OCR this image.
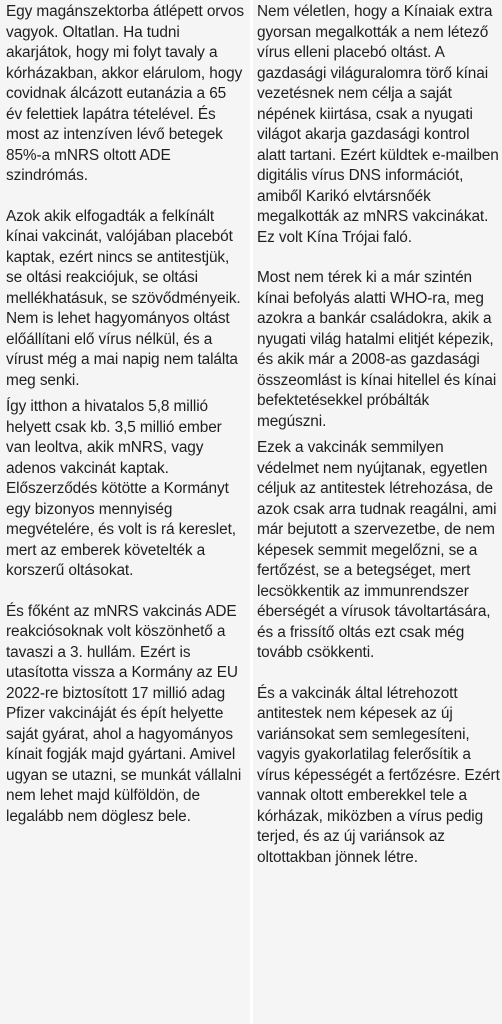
Egy magánszektorba átlépett orvos vagyok. Oltatlan. Ha tudni akarjátok, hogy mi folyt tavaly a kórházakban, akkor elárulom, hogy covidnak álcázott eutanázia a 65 év felettiek lapátra tételével. És most az intenzíven lévő betegek 85%-a mNRS oltott ADE szindrómás.

Azok akik elfogadták a felkínált kínai vakcinát, valójában placebót kaptak, ezért nincs se antitestjük, se oltási reakciójuk, se oltási mellékhatásuk, se szövődményeik. Nem is lehet hagyományos oltást előállítani elő vírus nélkül, és a vírust még a mai napig nem találta meg senki.

Így itthon a hivatalos 5,8 millió helyett csak kb. 3,5 millió ember van leoltva, akik mNRS, vagy adenos vakcinát kaptak. Előszerződés kötötte a Kormányt egy bizonyos mennyiség megvételére, és volt is rá kereslet, mert az emberek követelték a korszerű oltásokat.

És főként az mNRS vakcinás ADE reakciósoknak volt köszönhető a tavaszi a 3. hullám. Ezért is utasította vissza a Kormány az EU 2022-re biztosított 17 millió adag Pfizer vakcináját és épít helyette saját gyárat, ahol a hagyományos kínait fogják majd gyártani. Amivel ugyan se utazni, se munkát vállalni nem lehet majd külföldön, de legalább nem döglesz bele.

Nem véletlen, hogy a Kínaiak extra gyorsan megalkották a nem létező vírus elleni placebó oltást. A gazdasági világuralomra törő kínai vezetésnek nem célja a saját népének kiirtása, csak a nyugati világot akarja gazdasági kontrol alatt tartani. Ezért küldtek e-mailben digitális vírus DNS információt, amiből Karikó elvtársnőék megalkották az mNRS vakcinákat. Ez volt Kína Trójai faló.

Most nem térek ki a már szintén kínai befolyás alatti WHO-ra, meg azokra a bankár családokra, akik a nyugati világ hatalmi elitjét képezik, és akik már a 2008-as gazdasági összeomlást is kínai hitellel és kínai befektetésekkel próbálták megúszni.

Ezek a vakcinák semmilyen védelmet nem nyújtanak, egyetlen céljuk az antitestek létrehozása, de azok csak arra tudnak reagálni, ami már bejutott a szervezetbe, de nem képesek semmit megelőzni, se a fertőzést, se a betegséget, mert lecsökkentik az immunrendszer éberségét a vírusok távoltartására, és a frissítő oltás ezt csak még tovább csökkenti.

És a vakcinák által létrehozott antitestek nem képesek az új variánsokat sem semlegesíteni, vagyis gyakorlatilag felerősítik a vírus képességét a fertőzésre. Ezért vannak oltott emberekkel tele a kórházak, miközben a vírus pedig terjed, és az új variánsok az oltottakban jönnek létre.
